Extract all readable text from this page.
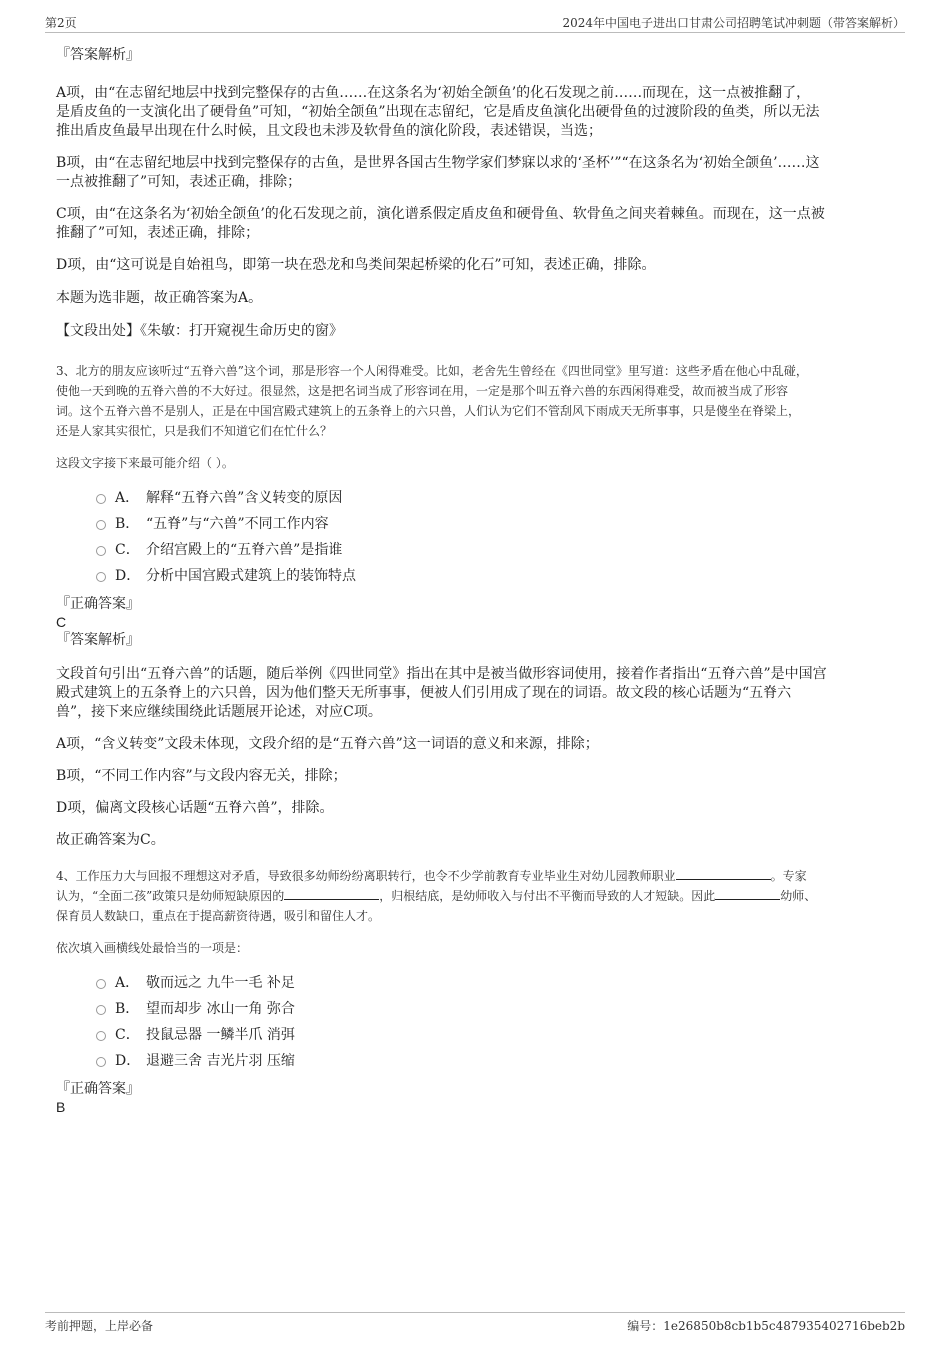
第2页	2024年中国电子进出口甘肃公司招聘笔试冲刺题（带答案解析）

『答案解析』

A项，由“在志留纪地层中找到完整保存的古鱼……在这条名为‘初始全颌鱼’的化石发现之前……而现在，这一点被推翻了，

是盾皮鱼的一支演化出了硬骨鱼”可知，“初始全颌鱼”出现在志留纪，它是盾皮鱼演化出硬骨鱼的过渡阶段的鱼类，所以无法

推出盾皮鱼最早出现在什么时候，且文段也未涉及软骨鱼的演化阶段，表述错误，当选；

B项，由“在志留纪地层中找到完整保存的古鱼，是世界各国古生物学家们梦寐以求的‘圣杯’”“在这条名为‘初始全颌鱼’……这

一点被推翻了”可知，表述正确，排除；

C项，由“在这条名为‘初始全颌鱼’的化石发现之前，演化谱系假定盾皮鱼和硬骨鱼、软骨鱼之间夹着棘鱼。而现在，这一点被

推翻了”可知，表述正确，排除；

D项，由“这可说是自始祖鸟，即第一块在恐龙和鸟类间架起桥梁的化石”可知，表述正确，排除。

本题为选非题，故正确答案为A。

【文段出处】《朱敏：打开窥视生命历史的窗》

3、北方的朋友应该听过“五脊六兽”这个词，那是形容一个人闲得难受。比如，老舍先生曾经在《四世同堂》里写道：这些矛盾在他心中乱碰，

使他一天到晚的五脊六兽的不大好过。很显然，这是把名词当成了形容词在用，一定是那个叫五脊六兽的东西闲得难受，故而被当成了形容

词。这个五脊六兽不是别人，正是在中国宫殿式建筑上的五条脊上的六只兽，人们认为它们不管刮风下雨成天无所事事，只是傻坐在脊梁上，

还是人家其实很忙，只是我们不知道它们在忙什么？

这段文字接下来最可能介绍（ ）。

A． 解释“五脊六兽”含义转变的原因
B． “五脊”与“六兽”不同工作内容
C． 介绍宫殿上的“五脊六兽”是指谁
D． 分析中国宫殿式建筑上的装饰特点

『正确答案』

C

『答案解析』

文段首句引出“五脊六兽”的话题，随后举例《四世同堂》指出在其中是被当做形容词使用，接着作者指出“五脊六兽”是中国宫

殿式建筑上的五条脊上的六只兽，因为他们整天无所事事，便被人们引用成了现在的词语。故文段的核心话题为“五脊六

兽”，接下来应继续围绕此话题展开论述，对应C项。

A项，“含义转变”文段未体现，文段介绍的是“五脊六兽”这一词语的意义和来源，排除；

B项，“不同工作内容”与文段内容无关，排除；

D项，偏离文段核心话题“五脊六兽”，排除。

故正确答案为C。

4、工作压力大与回报不理想这对矛盾，导致很多幼师纷纷离职转行，也令不少学前教育专业毕业生对幼儿园教师职业	。专家

认为，“全面二孩”政策只是幼师短缺原因的	，归根结底，是幼师收入与付出不平衡而导致的人才短缺。因此	幼师、

保育员人数缺口，重点在于提高薪资待遇，吸引和留住人才。

依次填入画横线处最恰当的一项是：

A． 敬而远之 九牛一毛 补足
B． 望而却步 冰山一角 弥合
C． 投鼠忌器 一鳞半爪 消弭
D． 退避三舍 吉光片羽 压缩

『正确答案』

B

考前押题，上岸必备	编号：1e26850b8cb1b5c487935402716beb2b
